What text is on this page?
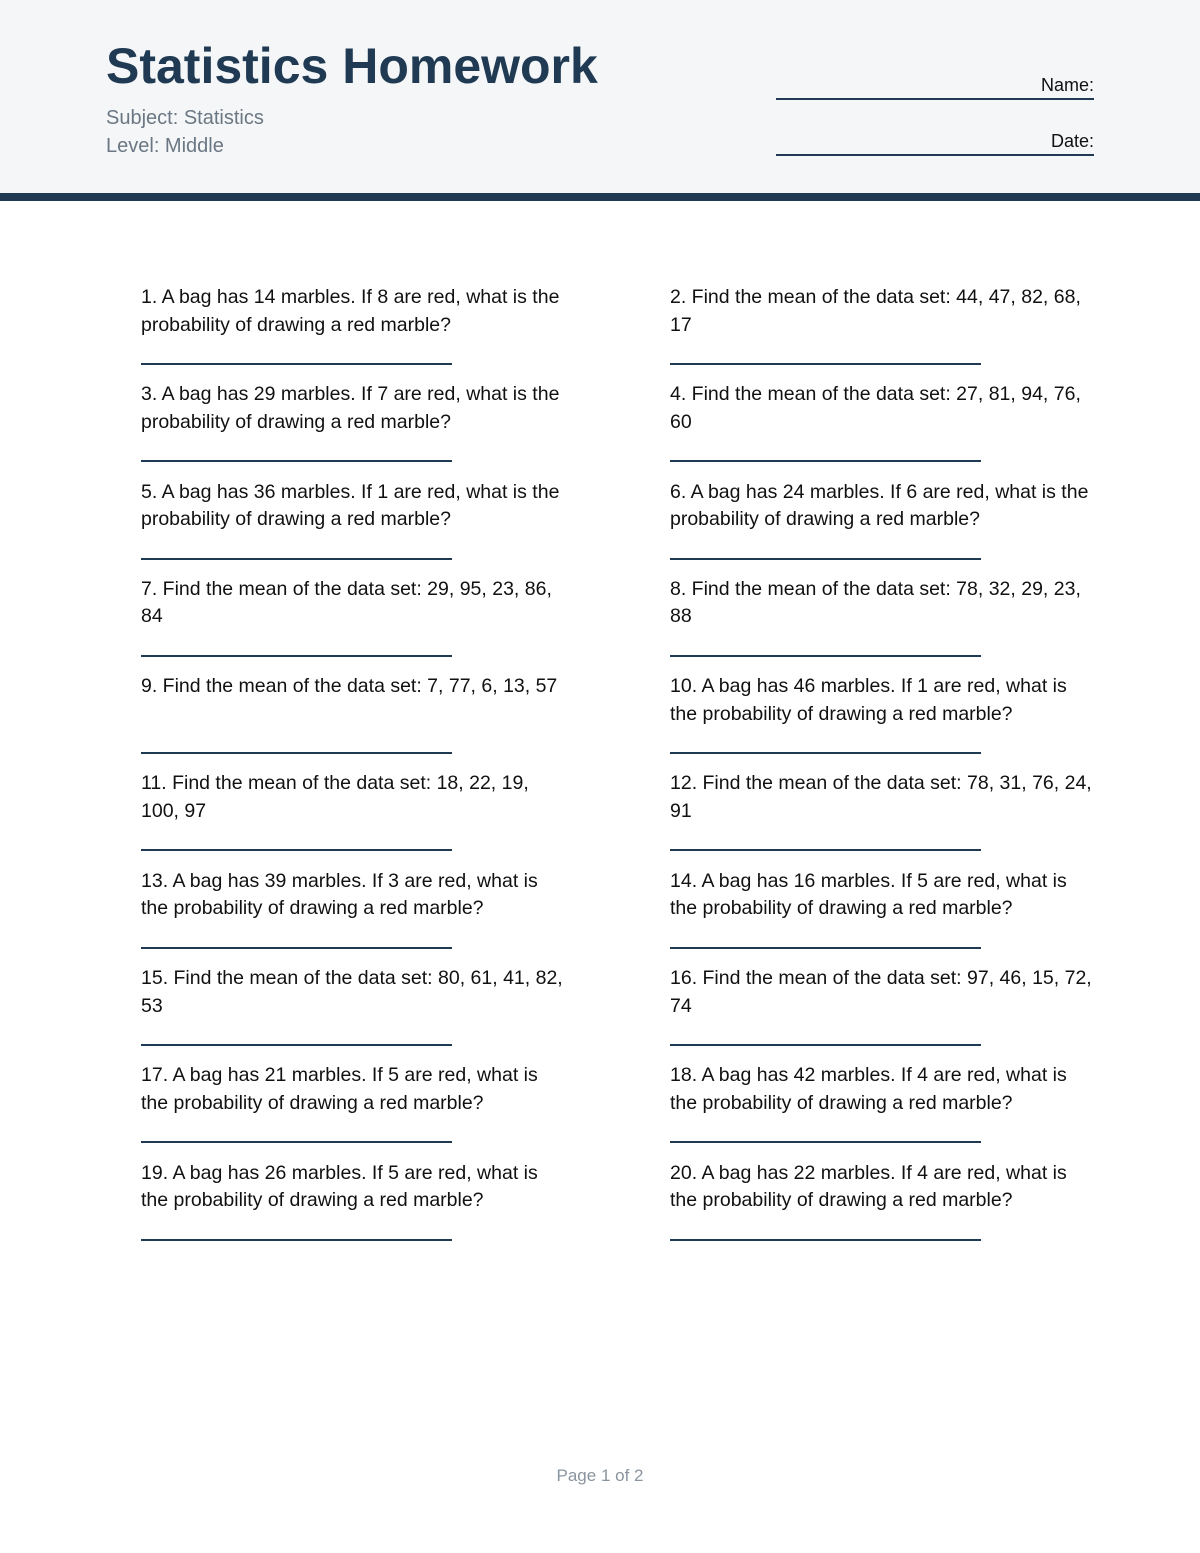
Statistics Homework
Subject: Statistics
Level: Middle
Name:
Date:
1. A bag has 14 marbles. If 8 are red, what is the probability of drawing a red marble?
2. Find the mean of the data set: 44, 47, 82, 68, 17
3. A bag has 29 marbles. If 7 are red, what is the probability of drawing a red marble?
4. Find the mean of the data set: 27, 81, 94, 76, 60
5. A bag has 36 marbles. If 1 are red, what is the probability of drawing a red marble?
6. A bag has 24 marbles. If 6 are red, what is the probability of drawing a red marble?
7. Find the mean of the data set: 29, 95, 23, 86, 84
8. Find the mean of the data set: 78, 32, 29, 23, 88
9. Find the mean of the data set: 7, 77, 6, 13, 57	10. A bag has 46 marbles. If 1 are red, what is the probability of drawing a red marble?
11. Find the mean of the data set: 18, 22, 19, 100, 97
12. Find the mean of the data set: 78, 31, 76, 24, 91
13. A bag has 39 marbles. If 3 are red, what is the probability of drawing a red marble?
14. A bag has 16 marbles. If 5 are red, what is the probability of drawing a red marble?
15. Find the mean of the data set: 80, 61, 41, 82, 53
16. Find the mean of the data set: 97, 46, 15, 72, 74
17. A bag has 21 marbles. If 5 are red, what is the probability of drawing a red marble?
18. A bag has 42 marbles. If 4 are red, what is the probability of drawing a red marble?
19. A bag has 26 marbles. If 5 are red, what is the probability of drawing a red marble?
20. A bag has 22 marbles. If 4 are red, what is the probability of drawing a red marble?
Page 1 of 2
